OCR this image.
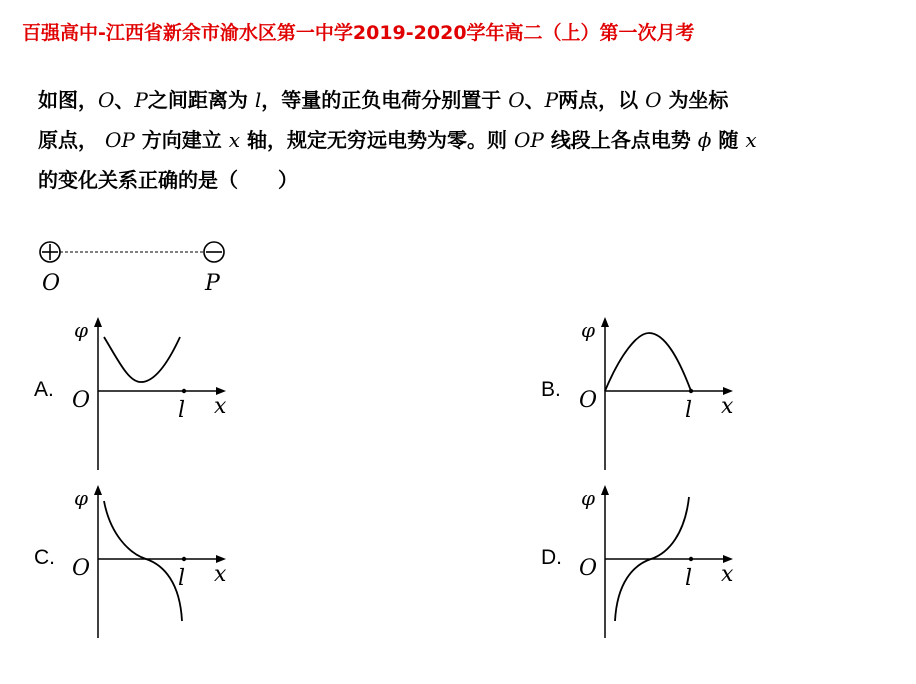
百强高中-江西省新余市渝水区第一中学2019-2020学年高二（上）第一次月考
如图，O、P之间距离为 l，等量的正负电荷分别置于 O、P两点，以 O 为坐标
原点， OP 方向建立 x 轴，规定无穷远电势为零。则 OP 线段上各点电势 ϕ 随 x
的变化关系正确的是（　　）
O	P
A.
φ
O	l x
B.
φ
O	l x
C.
φ
O	l x
D.
φ
O	l x
